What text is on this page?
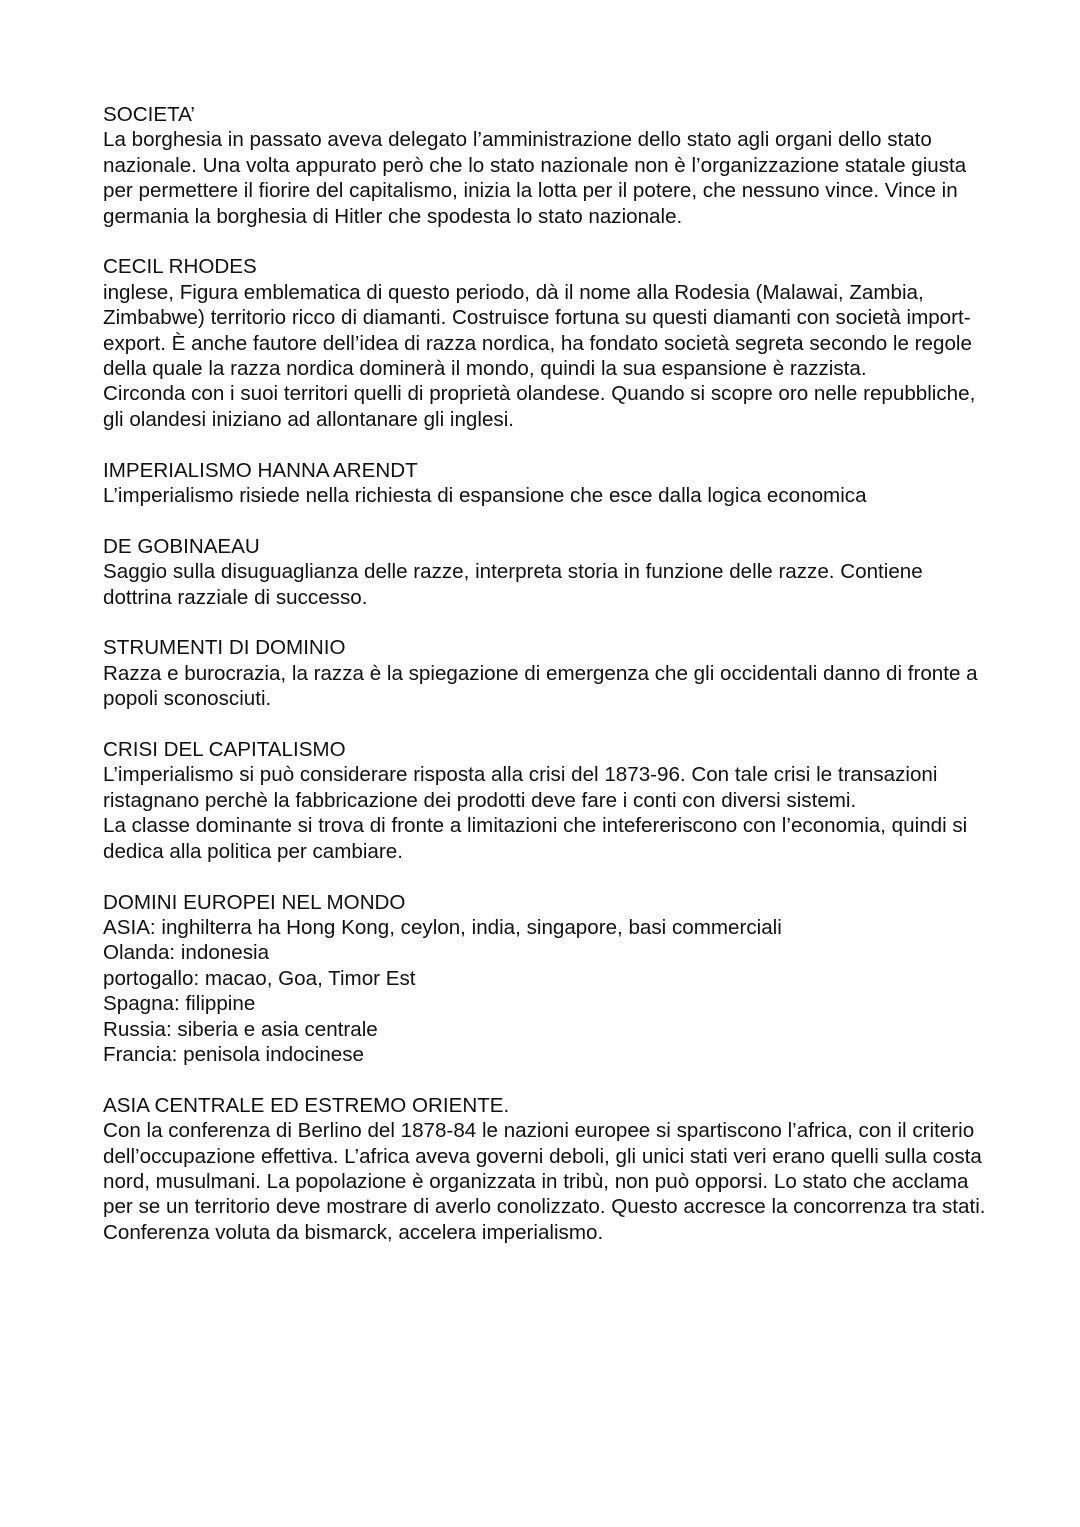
SOCIETA’

La borghesia in passato aveva delegato l’amministrazione dello stato agli organi dello stato nazionale. Una volta appurato però che lo stato nazionale non è l’organizzazione statale giusta per permettere il fiorire del capitalismo, inizia la lotta per il potere, che nessuno vince. Vince in germania la borghesia di Hitler che spodesta lo stato nazionale.

CECIL RHODES

inglese, Figura emblematica di questo periodo, dà il nome alla Rodesia (Malawai, Zambia, Zimbabwe) territorio ricco di diamanti. Costruisce fortuna su questi diamanti con società import-export. È anche fautore dell’idea di razza nordica, ha fondato società segreta secondo le regole della quale la razza nordica dominerà il mondo, quindi la sua espansione è razzista.

Circonda con i suoi territori quelli di proprietà olandese. Quando si scopre oro nelle repubbliche, gli olandesi iniziano ad allontanare gli inglesi.

IMPERIALISMO HANNA ARENDT

L’imperialismo risiede nella richiesta di espansione che esce dalla logica economica

DE GOBINAEAU

Saggio sulla disuguaglianza delle razze, interpreta storia in funzione delle razze. Contiene dottrina razziale di successo.

STRUMENTI DI DOMINIO

Razza e burocrazia, la razza è la spiegazione di emergenza che gli occidentali danno di fronte a popoli sconosciuti.

CRISI DEL CAPITALISMO

L’imperialismo si può considerare risposta alla crisi del 1873-96. Con tale crisi le transazioni ristagnano perchè la fabbricazione dei prodotti deve fare i conti con diversi sistemi.

La classe dominante si trova di fronte a limitazioni che intefereriscono con l’economia, quindi si dedica alla politica per cambiare.

DOMINI EUROPEI NEL MONDO

ASIA: inghilterra ha Hong Kong, ceylon, india, singapore, basi commerciali

Olanda: indonesia

portogallo: macao, Goa, Timor Est

Spagna: filippine

Russia: siberia e asia centrale

Francia: penisola indocinese

ASIA CENTRALE ED ESTREMO ORIENTE.

Con la conferenza di Berlino del 1878-84 le nazioni europee si spartiscono l’africa, con il criterio dell’occupazione effettiva. L’africa aveva governi deboli, gli unici stati veri erano quelli sulla costa nord, musulmani. La popolazione è organizzata in tribù, non può opporsi. Lo stato che acclama per se un territorio deve mostrare di averlo conolizzato. Questo accresce la concorrenza tra stati.

Conferenza voluta da bismarck, accelera imperialismo.
